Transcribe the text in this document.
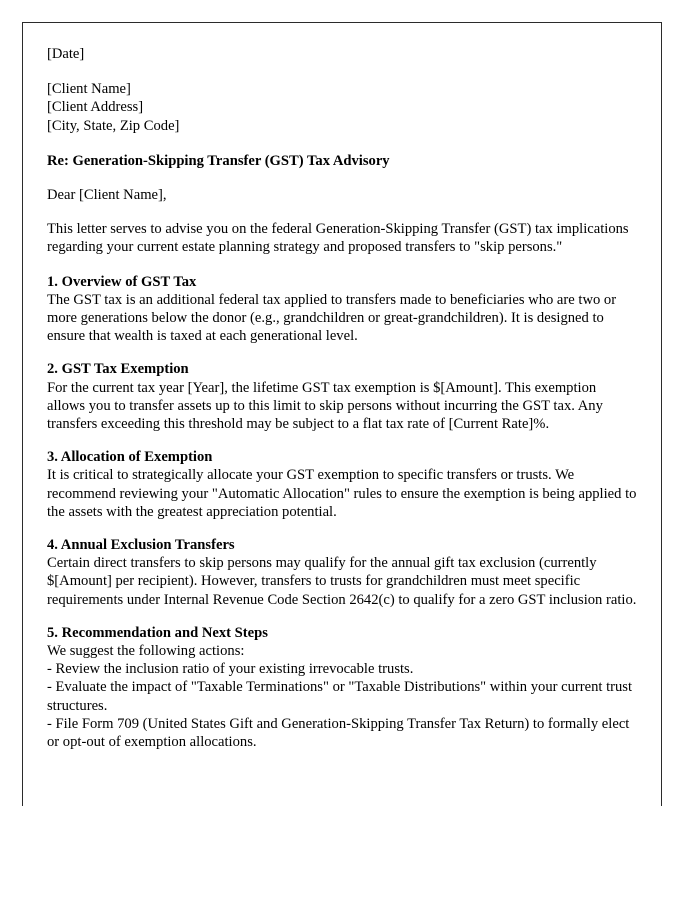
[Date]

[Client Name]
[Client Address]
[City, State, Zip Code]

Re: Generation-Skipping Transfer (GST) Tax Advisory

Dear [Client Name],

This letter serves to advise you on the federal Generation-Skipping Transfer (GST) tax implications regarding your current estate planning strategy and proposed transfers to "skip persons."

1. Overview of GST Tax

The GST tax is an additional federal tax applied to transfers made to beneficiaries who are two or more generations below the donor (e.g., grandchildren or great-grandchildren). It is designed to ensure that wealth is taxed at each generational level.

2. GST Tax Exemption

For the current tax year [Year], the lifetime GST tax exemption is $[Amount]. This exemption allows you to transfer assets up to this limit to skip persons without incurring the GST tax. Any transfers exceeding this threshold may be subject to a flat tax rate of [Current Rate]%.

3. Allocation of Exemption

It is critical to strategically allocate your GST exemption to specific transfers or trusts. We recommend reviewing your "Automatic Allocation" rules to ensure the exemption is being applied to the assets with the greatest appreciation potential.

4. Annual Exclusion Transfers

Certain direct transfers to skip persons may qualify for the annual gift tax exclusion (currently $[Amount] per recipient). However, transfers to trusts for grandchildren must meet specific requirements under Internal Revenue Code Section 2642(c) to qualify for a zero GST inclusion ratio.

5. Recommendation and Next Steps

We suggest the following actions:

- Review the inclusion ratio of your existing irrevocable trusts.

- Evaluate the impact of "Taxable Terminations" or "Taxable Distributions" within your current trust structures.

- File Form 709 (United States Gift and Generation-Skipping Transfer Tax Return) to formally elect or opt-out of exemption allocations.
